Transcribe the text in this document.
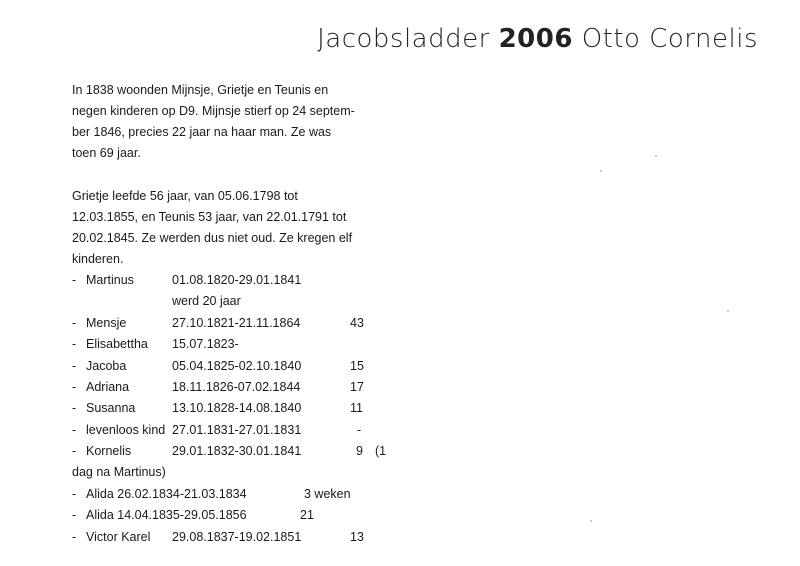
Jacobsladder 2006 Otto Cornelis
In 1838 woonden Mijnsje, Grietje en Teunis en
negen kinderen op D9. Mijnsje stierf op 24 septem-
ber 1846, precies 22 jaar na haar man. Ze was
toen 69 jaar.
Grietje leefde 56 jaar, van 05.06.1798 tot
12.03.1855, en Teunis 53 jaar, van 22.01.1791 tot
20.02.1845. Ze werden dus niet oud. Ze kregen elf
kinderen.
- Martinus	01.08.1820-29.01.1841
werd 20 jaar
- Mensje	27.10.1821-21.11.1864	43
- Elisabettha 15.07.1823-
- Jacoba	05.04.1825-02.10.1840	15
- Adriana	18.11.1826-07.02.1844	17
- Susanna	13.10.1828-14.08.1840	11
- levenloos kind 27.01.1831-27.01.1831	-
- Kornelis	29.01.1832-30.01.1841	9 (1
dag na Martinus)
- Alida 26.02.1834-21.03.1834	3 weken
- Alida 14.04.1835-29.05.1856	21
- Victor Karel 29.08.1837-19.02.1851	13
